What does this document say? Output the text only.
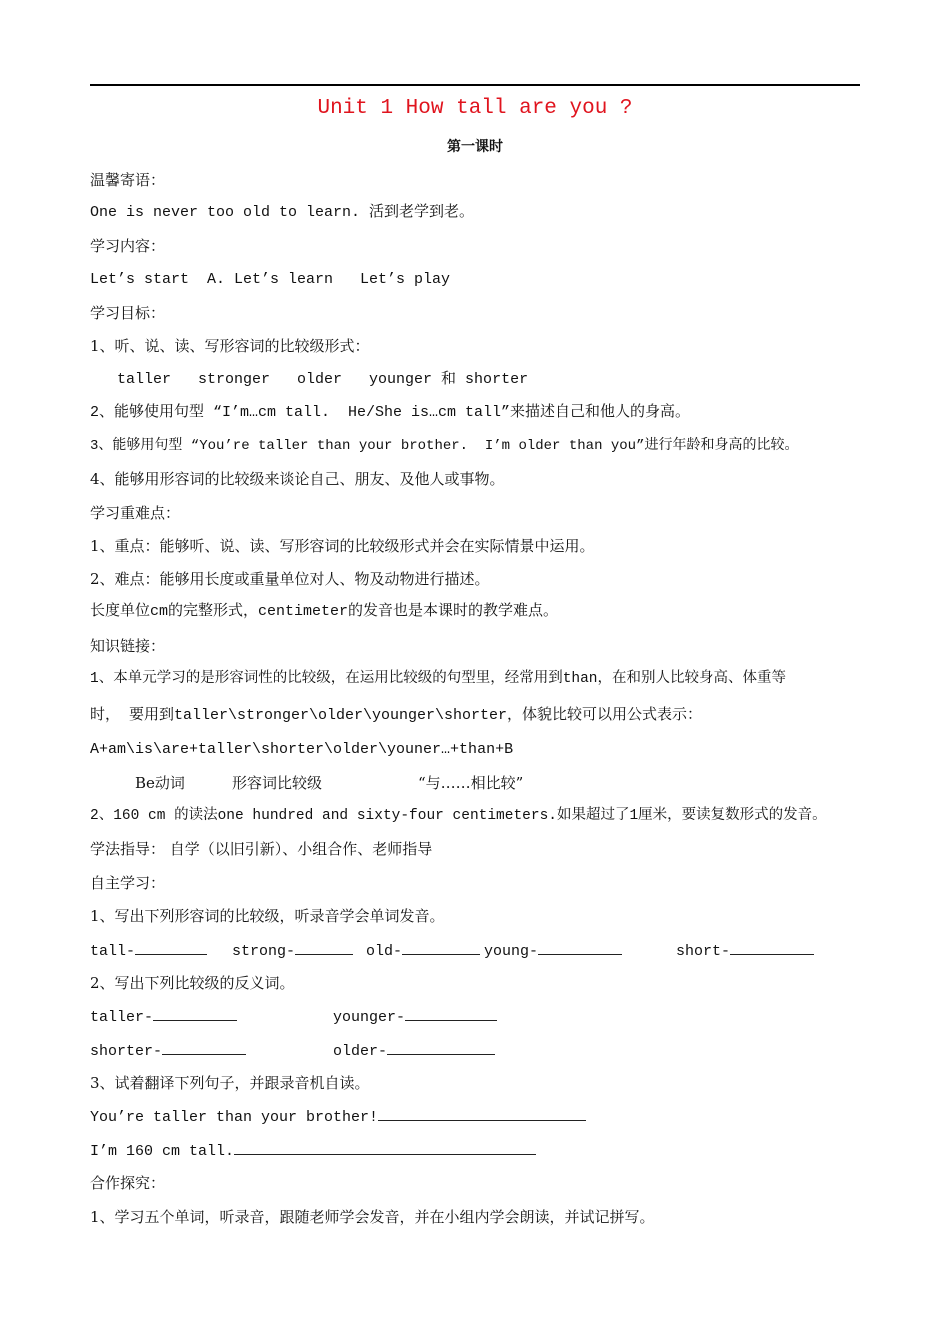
Unit 1 How tall are you ?
第一课时
温馨寄语：
One is never too old to learn. 活到老学到老。
学习内容：
Let’s start  A. Let’s learn   Let’s play
学习目标：
1、听、说、读、写形容词的比较级形式：
taller   stronger   older   younger 和 shorter
2、能够使用句型 “I’m…cm tall.  He/She is…cm tall”来描述自己和他人的身高。
3、能够用句型 “You’re taller than your brother.  I’m older than you”进行年龄和身高的比较。
4、能够用形容词的比较级来谈论自己、朋友、及他人或事物。
学习重难点：
1、重点：能够听、说、读、写形容词的比较级形式并会在实际情景中运用。
2、难点：能够用长度或重量单位对人、物及动物进行描述。
长度单位cm的完整形式，centimeter的发音也是本课时的教学难点。
知识链接：
1、本单元学习的是形容词性的比较级，在运用比较级的句型里，经常用到than，在和别人比较身高、体重等
时， 要用到taller\stronger\older\younger\shorter，体貌比较可以用公式表示：
A+am\is\are+taller\shorter\older\youner…+than+B
Be动词	形容词比较级	“与……相比较”
2、160 cm 的读法one hundred and sixty-four centimeters.如果超过了1厘米，要读复数形式的发音。
学法指导： 自学（以旧引新）、小组合作、老师指导
自主学习：
1、写出下列形容词的比较级，听录音学会单词发音。
tall-	strong-	old-	young-	short-
2、写出下列比较级的反义词。
taller-	younger-
shorter-	older-
3、试着翻译下列句子，并跟录音机自读。
You’re taller than your brother!
I’m 160 cm tall.
合作探究：
1、学习五个单词，听录音，跟随老师学会发音，并在小组内学会朗读，并试记拼写。
